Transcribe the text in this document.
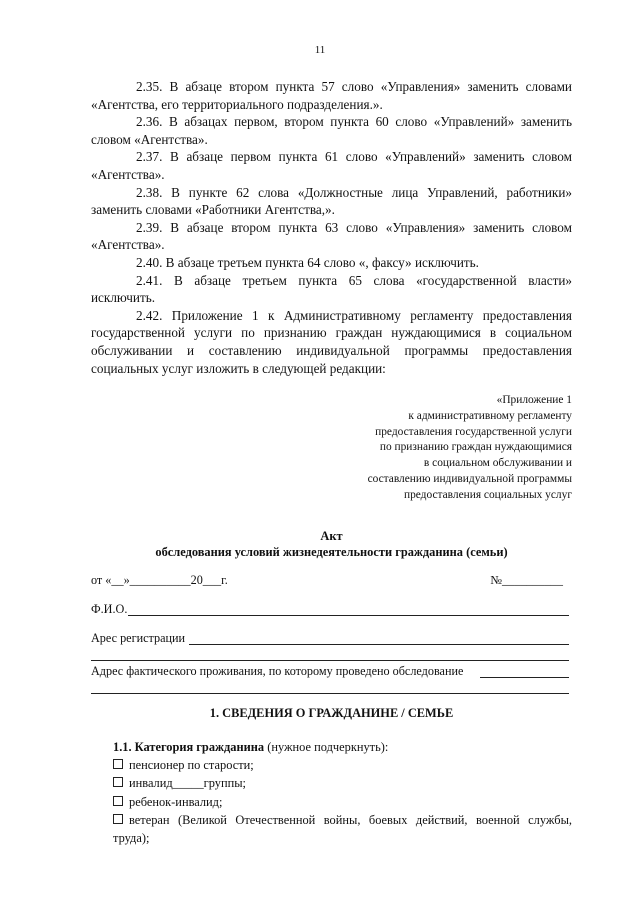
11

2.35. В абзаце втором пункта 57 слово «Управления» заменить словами «Агентства, его территориального подразделения.».

2.36. В абзацах первом, втором пункта 60 слово «Управлений» заменить словом «Агентства».

2.37. В абзаце первом пункта 61 слово «Управлений» заменить словом «Агентства».

2.38. В пункте 62 слова «Должностные лица Управлений, работники» заменить словами «Работники Агентства,».

2.39. В абзаце втором пункта 63 слово «Управления» заменить словом «Агентства».

2.40. В абзаце третьем пункта 64 слово «, факсу» исключить.

2.41. В абзаце третьем пункта 65 слова «государственной власти» исключить.

2.42. Приложение 1 к Административному регламенту предоставления государственной услуги по признанию граждан нуждающимися в социальном обслуживании и составлению индивидуальной программы предоставления социальных услуг изложить в следующей редакции:

«Приложение 1
к административному регламенту
предоставления государственной услуги
по признанию граждан нуждающимися
в социальном обслуживании и
составлению индивидуальной программы
предоставления социальных услуг
Акт
обследования условий жизнедеятельности гражданина (семьи)
от «__»__________20___г.	№__________
Ф.И.О.
Арес регистрации
Адрес фактического проживания, по которому проведено обследование
1. СВЕДЕНИЯ О ГРАЖДАНИНЕ / СЕМЬЕ
1.1. Категория гражданина (нужное подчеркнуть):
пенсионер по старости;
инвалид_____группы;
ребенок-инвалид;
ветеран (Великой Отечественной войны, боевых действий, военной службы, труда);
